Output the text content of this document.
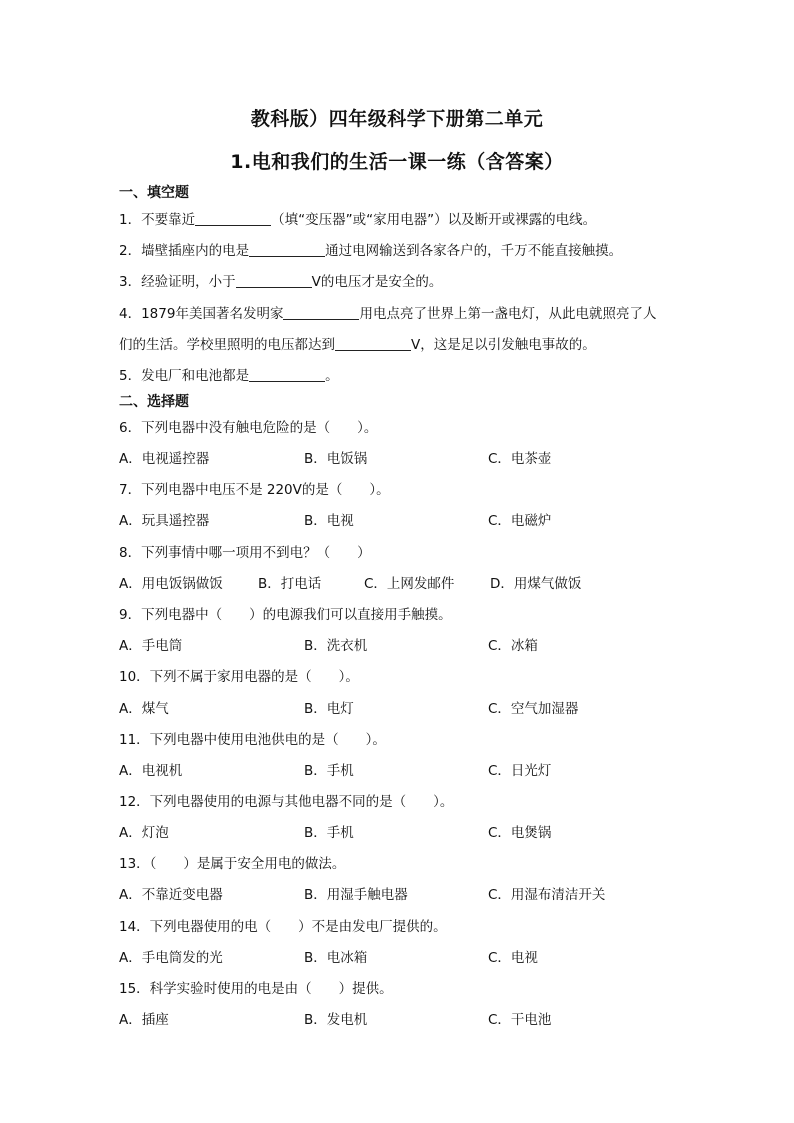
教科版）四年级科学下册第二单元
1.电和我们的生活一课一练（含答案）
一、填空题
1．不要靠近	（填“变压器”或“家用电器”）以及断开或裸露的电线。
2．墙壁插座内的电是	通过电网输送到各家各户的，千万不能直接触摸。
3．经验证明，小于	V的电压才是安全的。
4．1879年美国著名发明家	用电点亮了世界上第一盏电灯，从此电就照亮了人
们的生活。学校里照明的电压都达到	V，这是足以引发触电事故的。
5．发电厂和电池都是	。
二、选择题
6．下列电器中没有触电危险的是（　　）。
A．电视遥控器	B．电饭锅	C．电茶壶
7．下列电器中电压不是 220V的是（　　）。
A．玩具遥控器	B．电视	C．电磁炉
8．下列事情中哪一项用不到电？（　　）
A．用电饭锅做饭	B．打电话	C．上网发邮件	D．用煤气做饭
9．下列电器中（　　）的电源我们可以直接用手触摸。
A．手电筒	B．洗衣机	C．冰箱
10．下列不属于家用电器的是（　　）。
A．煤气	B．电灯	C．空气加湿器
11．下列电器中使用电池供电的是（　　）。
A．电视机	B．手机	C．日光灯
12．下列电器使用的电源与其他电器不同的是（　　）。
A．灯泡	B．手机	C．电煲锅
13．（　　）是属于安全用电的做法。
A．不靠近变电器	B．用湿手触电器	C．用湿布清洁开关
14．下列电器使用的电（　　）不是由发电厂提供的。
A．手电筒发的光	B．电冰箱	C．电视
15．科学实验时使用的电是由（　　）提供。
A．插座	B．发电机	C．干电池
